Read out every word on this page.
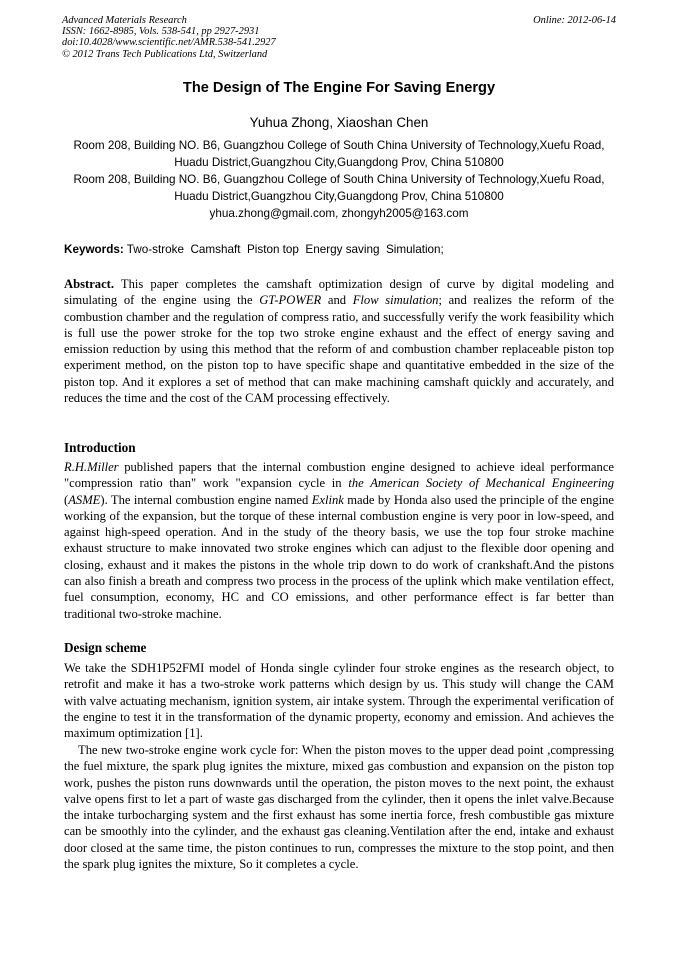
Advanced Materials Research
ISSN: 1662-8985, Vols. 538-541, pp 2927-2931
doi:10.4028/www.scientific.net/AMR.538-541.2927
© 2012 Trans Tech Publications Ltd, Switzerland
Online: 2012-06-14
The Design of The Engine For Saving Energy
Yuhua Zhong, Xiaoshan Chen
Room 208, Building NO. B6, Guangzhou College of South China University of Technology,Xuefu Road, Huadu District,Guangzhou City,Guangdong Prov, China 510800
Room 208, Building NO. B6, Guangzhou College of South China University of Technology,Xuefu Road, Huadu District,Guangzhou City,Guangdong Prov, China 510800
yhua.zhong@gmail.com, zhongyh2005@163.com
Keywords: Two-stroke  Camshaft  Piston top  Energy saving  Simulation;

Abstract. This paper completes the camshaft optimization design of curve by digital modeling and simulating of the engine using the GT-POWER and Flow simulation; and realizes the reform of the combustion chamber and the regulation of compress ratio, and successfully verify the work feasibility which is full use the power stroke for the top two stroke engine exhaust and the effect of energy saving and emission reduction by using this method that the reform of and combustion chamber replaceable piston top experiment method, on the piston top to have specific shape and quantitative embedded in the size of the piston top. And it explores a set of method that can make machining camshaft quickly and accurately, and reduces the time and the cost of the CAM processing effectively.

Introduction

R.H.Miller published papers that the internal combustion engine designed to achieve ideal performance "compression ratio than" work "expansion cycle in the American Society of Mechanical Engineering (ASME). The internal combustion engine named Exlink made by Honda also used the principle of the engine working of the expansion, but the torque of these internal combustion engine is very poor in low-speed, and against high-speed operation. And in the study of the theory basis, we use the top four stroke machine exhaust structure to make innovated two stroke engines which can adjust to the flexible door opening and closing, exhaust and it makes the pistons in the whole trip down to do work of crankshaft.And the pistons can also finish a breath and compress two process in the process of the uplink which make ventilation effect, fuel consumption, economy, HC and CO emissions, and other performance effect is far better than traditional two-stroke machine.

Design scheme

We take the SDH1P52FMI model of Honda single cylinder four stroke engines as the research object, to retrofit and make it has a two-stroke work patterns which design by us. This study will change the CAM with valve actuating mechanism, ignition system, air intake system. Through the experimental verification of the engine to test it in the transformation of the dynamic property, economy and emission. And achieves the maximum optimization [1].

The new two-stroke engine work cycle for: When the piston moves to the upper dead point ,compressing the fuel mixture, the spark plug ignites the mixture, mixed gas combustion and expansion on the piston top work, pushes the piston runs downwards until the operation, the piston moves to the next point, the exhaust valve opens first to let a part of waste gas discharged from the cylinder, then it opens the inlet valve.Because the intake turbocharging system and the first exhaust has some inertia force, fresh combustible gas mixture can be smoothly into the cylinder, and the exhaust gas cleaning.Ventilation after the end, intake and exhaust door closed at the same time, the piston continues to run, compresses the mixture to the stop point, and then the spark plug ignites the mixture, So it completes a cycle.
